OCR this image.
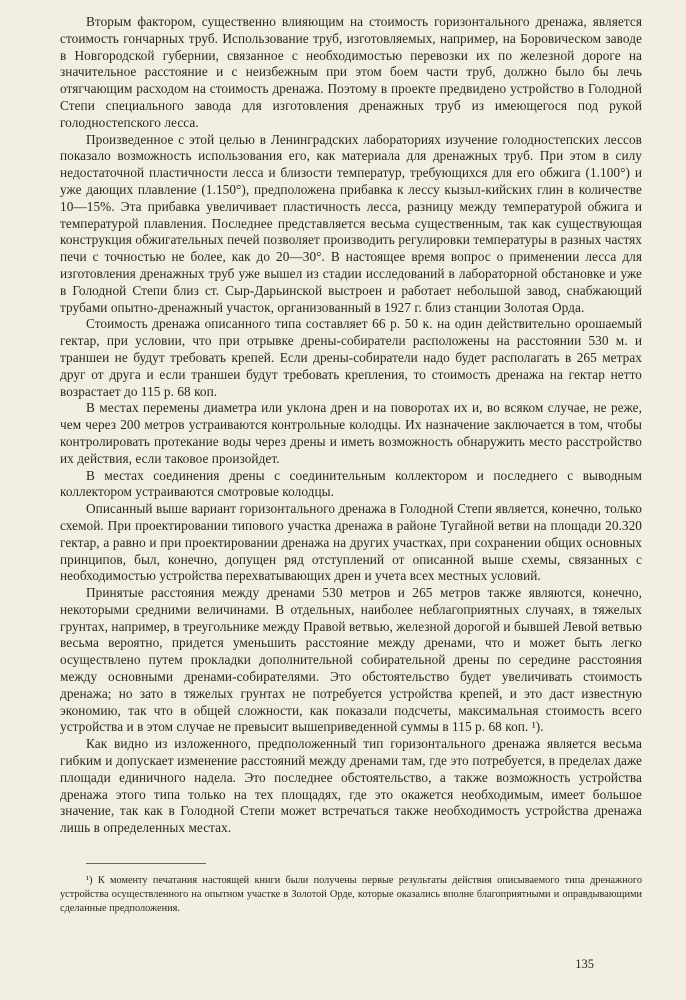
Вторым фактором, существенно влияющим на стоимость горизонтального дренажа, является стоимость гончарных труб. Использование труб, изготовляемых, например, на Боровическом заводе в Новгородской губернии, связанное с необходимостью перевозки их по железной дороге на значительное расстояние и с неизбежным при этом боем части труб, должно было бы лечь отягчающим расходом на стоимость дренажа. Поэтому в проекте предвидено устройство в Голодной Степи специального завода для изготовления дренажных труб из имеющегося под рукой голодностепского лесса.

Произведенное с этой целью в Ленинградских лабораториях изучение голодностепских лессов показало возможность использования его, как материала для дренажных труб. При этом в силу недостаточной пластичности лесса и близости температур, требующихся для его обжига (1.100°) и уже дающих плавление (1.150°), предположена прибавка к лессу кызыл-кийских глин в количестве 10—15%. Эта прибавка увеличивает пластичность лесса, разницу между температурой обжига и температурой плавления. Последнее представляется весьма существенным, так как существующая конструкция обжигательных печей позволяет производить регулировки температуры в разных частях печи с точностью не более, как до 20—30°. В настоящее время вопрос о применении лесса для изготовления дренажных труб уже вышел из стадии исследований в лабораторной обстановке и уже в Голодной Степи близ ст. Сыр-Дарьинской выстроен и работает небольшой завод, снабжающий трубами опытно-дренажный участок, организованный в 1927 г. близ станции Золотая Орда.

Стоимость дренажа описанного типа составляет 66 р. 50 к. на один действительно орошаемый гектар, при условии, что при отрывке дрены-собиратели расположены на расстоянии 530 м. и траншеи не будут требовать крепей. Если дрены-собиратели надо будет располагать в 265 метрах друг от друга и если траншеи будут требовать крепления, то стоимость дренажа на гектар нетто возрастает до 115 р. 68 коп.

В местах перемены диаметра или уклона дрен и на поворотах их и, во всяком случае, не реже, чем через 200 метров устраиваются контрольные колодцы. Их назначение заключается в том, чтобы контролировать протекание воды через дрены и иметь возможность обнаружить место расстройство их действия, если таковое произойдет.

В местах соединения дрены с соединительным коллектором и последнего с выводным коллектором устраиваются смотровые колодцы.

Описанный выше вариант горизонтального дренажа в Голодной Степи является, конечно, только схемой. При проектировании типового участка дренажа в районе Тугайной ветви на площади 20.320 гектар, а равно и при проектировании дренажа на других участках, при сохранении общих основных принципов, был, конечно, допущен ряд отступлений от описанной выше схемы, связанных с необходимостью устройства перехватывающих дрен и учета всех местных условий.

Принятые расстояния между дренами 530 метров и 265 метров также являются, конечно, некоторыми средними величинами. В отдельных, наиболее неблагоприятных случаях, в тяжелых грунтах, например, в треугольнике между Правой ветвью, железной дорогой и бывшей Левой ветвью весьма вероятно, придется уменьшить расстояние между дренами, что и может быть легко осуществлено путем прокладки дополнительной собирательной дрены по середине расстояния между основными дренами-собирателями. Это обстоятельство будет увеличивать стоимость дренажа; но зато в тяжелых грунтах не потребуется устройства крепей, и это даст известную экономию, так что в общей сложности, как показали подсчеты, максимальная стоимость всего устройства и в этом случае не превысит вышеприведенной суммы в 115 р. 68 коп. ¹).

Как видно из изложенного, предположенный тип горизонтального дренажа является весьма гибким и допускает изменение расстояний между дренами там, где это потребуется, в пределах даже площади единичного надела. Это последнее обстоятельство, а также возможность устройства дренажа этого типа только на тех площадях, где это окажется необходимым, имеет большое значение, так как в Голодной Степи может встречаться также необходимость устройства дренажа лишь в определенных местах.

¹) К моменту печатания настоящей книги были получены первые результаты действия описываемого типа дренажного устройства осуществленного на опытном участке в Золотой Орде, которые оказались вполне благоприятными и оправдывающими сделанные предположения.

135
